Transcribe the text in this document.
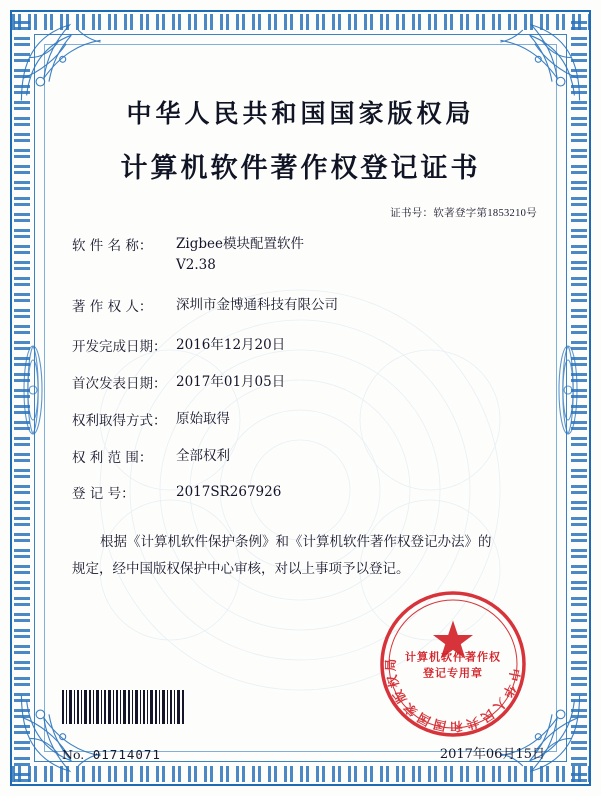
中华人民共和国国家版权局
计算机软件著作权登记证书
证书号：软著登字第1853210号
软 件 名 称：	Zigbee模块配置软件
V2.38
著 作 权 人：	深圳市金博通科技有限公司
开发完成日期： 2016年12月20日
首次发表日期： 2017年01月05日
权利取得方式： 原始取得
权 利 范 围：	全部权利
登 记 号：	2017SR267926
根据《计算机软件保护条例》和《计算机软件著作权登记办法》的
规定，经中国版权保护中心审核，对以上事项予以登记。
No. 01714071	2017年06月15日
中华人民共和国国家版权局 计算机软件著作权
登记专用章
